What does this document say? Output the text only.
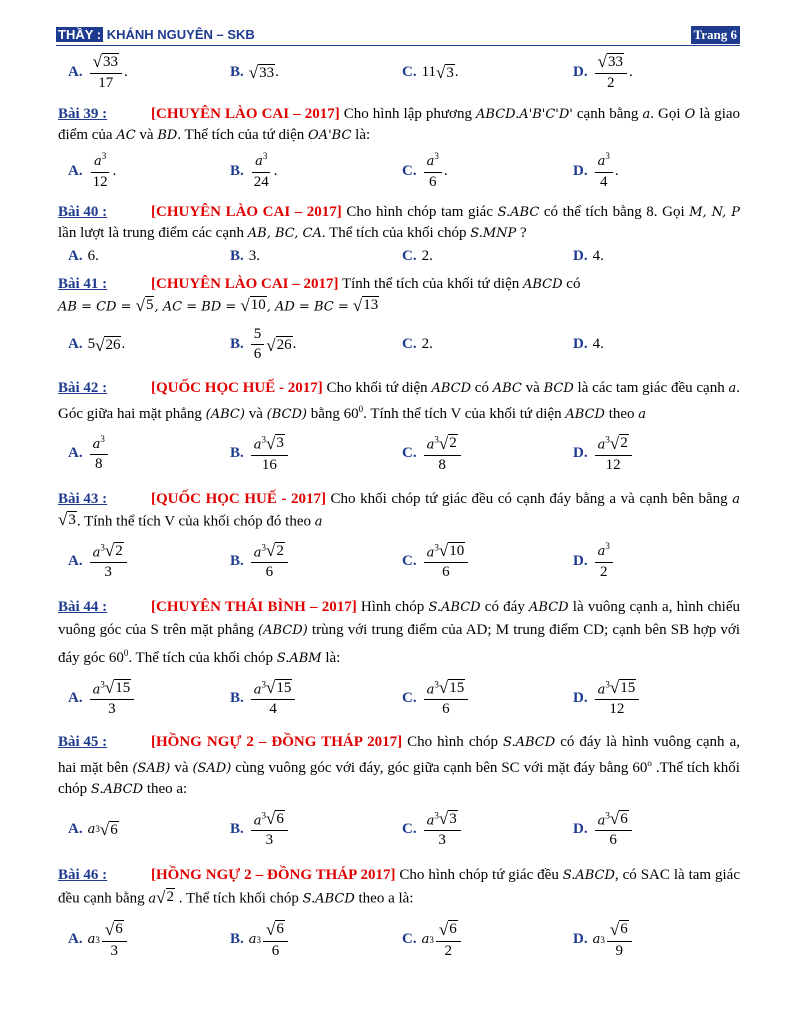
THẦY : KHÁNH NGUYÊN – SKB	Trang 6
A. $\frac{√ 33}{17}$ .	B. √ 33 .	C. 11 √ 3 .	D. $\frac{√ 33}{2}$ .
Bài 39 :	[CHUYÊN LÀO CAI – 2017] Cho hình lập phương ABCD.A'B'C'D' cạnh bằng a. Gọi O là giao điểm của AC và BD. Thể tích của tứ diện OA'BC là:
A. $\frac{a^3}{12}$ .	B. $\frac{a^3}{24}$ .	C. $\frac{a^3}{6}$ .	D. $\frac{a^3}{4}$ .
Bài 40 :	[CHUYÊN LÀO CAI – 2017] Cho hình chóp tam giác S.ABC có thể tích bằng 8. Gọi M, N, P lần lượt là trung điểm các cạnh AB, BC, CA. Thể tích của khối chóp S.MNP ?
A. 6.	B. 3.	C. 2.	D. 4.
Bài 41 :	[CHUYÊN LÀO CAI – 2017] Tính thể tích của khối tứ diện ABCD có
AB = CD = √ 5 , AC = BD = √ 10 , AD = BC = √ 13
A. 5 √ 26 .	B. $\frac{5}{6}$ √ 26 .	C. 2.	D. 4.
Bài 42 :	[QUỐC HỌC HUẾ - 2017] Cho khối tứ diện ABCD có ABC và BCD là các tam giác đều cạnh a. Góc giữa hai mặt phẳng (ABC) và (BCD) bằng $60^0$. Tính thể tích V của khối tứ diện ABCD theo a
A. $\frac{a^3}{8}$	B. $\frac{a^3 √ 3}{16}$	C. $\frac{a^3 √ 2}{8}$	D. $\frac{a^3 √ 2}{12}$
Bài 43 :	[QUỐC HỌC HUẾ - 2017] Cho khối chóp tứ giác đều có cạnh đáy bằng a và cạnh bên bằng a
√ 3 . Tính thể tích V của khối chóp đó theo a
A. $\frac{a^3 √ 2}{3}$	B. $\frac{a^3 √ 2}{6}$	C. $\frac{a^3 √ 10}{6}$	D. $\frac{a^3}{2}$
Bài 44 :	[CHUYÊN THÁI BÌNH – 2017] Hình chóp S.ABCD có đáy ABCD là vuông cạnh a, hình chiếu vuông góc của S trên mặt phẳng (ABCD) trùng với trung điểm của AD; M trung điểm CD; cạnh bên SB hợp với đáy góc $60^0$. Thể tích của khối chóp S.ABM là:
A. $\frac{a^3 √ 15}{3}$	B. $\frac{a^3 √ 15}{4}$	C. $\frac{a^3 √ 15}{6}$	D. $\frac{a^3 √ 15}{12}$
Bài 45 :	[HỒNG NGỰ 2 – ĐỒNG THÁP 2017] Cho hình chóp S.ABCD có đáy là hình vuông cạnh a, hai mặt bên (SAB) và (SAD) cùng vuông góc với đáy, góc giữa cạnh bên SC với mặt đáy bằng 60$^o$ .Thể tích khối chóp S.ABCD theo a:
A. a 3 √ 6	B. $\frac{a^3 √ 6}{3}$	C. $\frac{a^3 √ 3}{3}$	D. $\frac{a^3 √ 6}{6}$
Bài 46 :	[HỒNG NGỰ 2 – ĐỒNG THÁP 2017] Cho hình chóp tứ giác đều S.ABCD, có SAC là tam giác đều cạnh bằng a √ 2 . Thể tích khối chóp S.ABCD theo a là:
A. a $3 \frac{√ 6}{3}$	B. a $3 \frac{√ 6}{6}$	C. a $3 \frac{√ 6}{2}$	D. a $3 \frac{√ 6}{9}$
